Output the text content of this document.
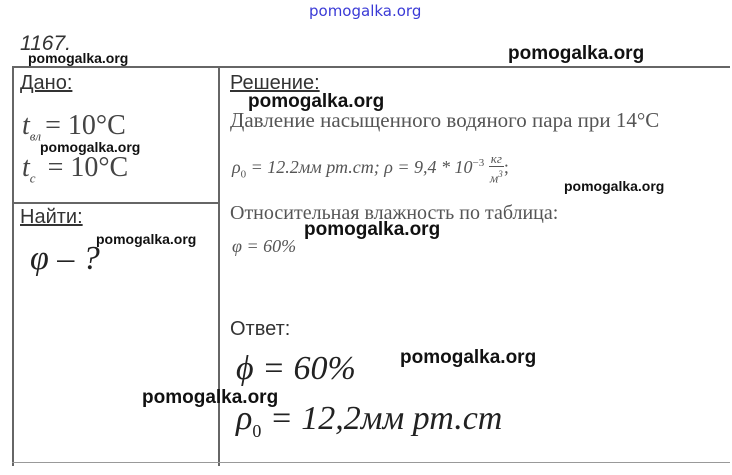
pomogalka.org
1167.
Дано:
$t_{вл} = 10^\circ C$
$t_с = 10^\circ C$
Найти:
φ – ?
Решение:
Давление насыщенного водяного пара при 14°С
$\rho_0 = 12.2мм$ рт.ст; $\rho = 9,4 * 10^{-3} \frac{кг}{м^3}$ ;
Относительная влажность по таблица:
φ = 60%
Ответ:
ϕ = 60%
$\rho_0 = 12,2мм$ рт.ст
pomogalka.org	pomogalka.org
pomogalka.org
pomogalka.org
pomogalka.org
pomogalka.org	pomogalka.org
pomogalka.org
pomogalka.org
